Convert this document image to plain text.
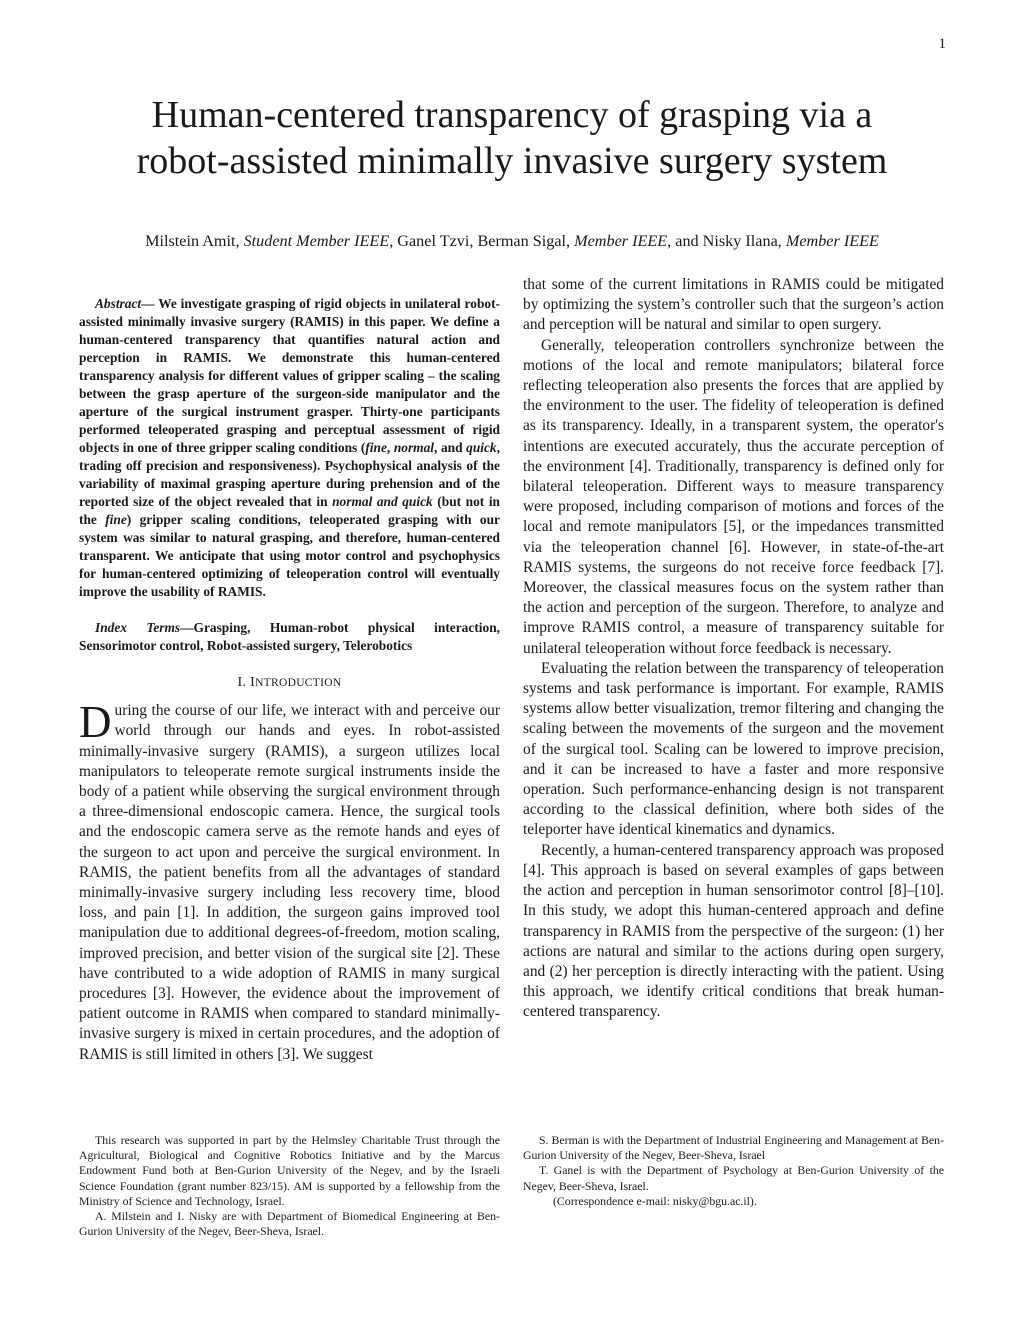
1
Human-centered transparency of grasping via a
robot-assisted minimally invasive surgery system
Milstein Amit, Student Member IEEE, Ganel Tzvi, Berman Sigal, Member IEEE, and Nisky Ilana, Member IEEE

Abstract— We investigate grasping of rigid objects in unilateral robot-assisted minimally invasive surgery (RAMIS) in this paper. We define a human-centered transparency that quantifies natural action and perception in RAMIS. We demonstrate this human-centered transparency analysis for different values of gripper scaling – the scaling between the grasp aperture of the surgeon-side manipulator and the aperture of the surgical instrument grasper. Thirty-one participants performed teleoperated grasping and perceptual assessment of rigid objects in one of three gripper scaling conditions (fine, normal, and quick, trading off precision and responsiveness). Psychophysical analysis of the variability of maximal grasping aperture during prehension and of the reported size of the object revealed that in normal and quick (but not in the fine) gripper scaling conditions, teleoperated grasping with our system was similar to natural grasping, and therefore, human-centered transparent. We anticipate that using motor control and psychophysics for human-centered optimizing of teleoperation control will eventually improve the usability of RAMIS.

Index Terms—Grasping, Human-robot physical interaction, Sensorimotor control, Robot-assisted surgery, Telerobotics

I. INTRODUCTION

During the course of our life, we interact with and perceive our world through our hands and eyes. In robot-assisted minimally-invasive surgery (RAMIS), a surgeon utilizes local manipulators to teleoperate remote surgical instruments inside the body of a patient while observing the surgical environment through a three-dimensional endoscopic camera. Hence, the surgical tools and the endoscopic camera serve as the remote hands and eyes of the surgeon to act upon and perceive the surgical environment. In RAMIS, the patient benefits from all the advantages of standard minimally-invasive surgery including less recovery time, blood loss, and pain [1]. In addition, the surgeon gains improved tool manipulation due to additional degrees-of-freedom, motion scaling, improved precision, and better vision of the surgical site [2]. These have contributed to a wide adoption of RAMIS in many surgical procedures [3]. However, the evidence about the improvement of patient outcome in RAMIS when compared to standard minimally-invasive surgery is mixed in certain procedures, and the adoption of RAMIS is still limited in others [3]. We suggest

that some of the current limitations in RAMIS could be mitigated by optimizing the system’s controller such that the surgeon’s action and perception will be natural and similar to open surgery.

Generally, teleoperation controllers synchronize between the motions of the local and remote manipulators; bilateral force reflecting teleoperation also presents the forces that are applied by the environment to the user. The fidelity of teleoperation is defined as its transparency. Ideally, in a transparent system, the operator's intentions are executed accurately, thus the accurate perception of the environment [4]. Traditionally, transparency is defined only for bilateral teleoperation. Different ways to measure transparency were proposed, including comparison of motions and forces of the local and remote manipulators [5], or the impedances transmitted via the teleoperation channel [6]. However, in state-of-the-art RAMIS systems, the surgeons do not receive force feedback [7]. Moreover, the classical measures focus on the system rather than the action and perception of the surgeon. Therefore, to analyze and improve RAMIS control, a measure of transparency suitable for unilateral teleoperation without force feedback is necessary.

Evaluating the relation between the transparency of teleoperation systems and task performance is important. For example, RAMIS systems allow better visualization, tremor filtering and changing the scaling between the movements of the surgeon and the movement of the surgical tool. Scaling can be lowered to improve precision, and it can be increased to have a faster and more responsive operation. Such performance-enhancing design is not transparent according to the classical definition, where both sides of the teleporter have identical kinematics and dynamics.

Recently, a human-centered transparency approach was proposed [4]. This approach is based on several examples of gaps between the action and perception in human sensorimotor control [8]–[10]. In this study, we adopt this human-centered approach and define transparency in RAMIS from the perspective of the surgeon: (1) her actions are natural and similar to the actions during open surgery, and (2) her perception is directly interacting with the patient. Using this approach, we identify critical conditions that break human-centered transparency.

This research was supported in part by the Helmsley Charitable Trust through the Agricultural, Biological and Cognitive Robotics Initiative and by the Marcus Endowment Fund both at Ben-Gurion University of the Negev, and by the Israeli Science Foundation (grant number 823/15). AM is supported by a fellowship from the Ministry of Science and Technology, Israel.

A. Milstein and I. Nisky are with Department of Biomedical Engineering at Ben-Gurion University of the Negev, Beer-Sheva, Israel.

S. Berman is with the Department of Industrial Engineering and Management at Ben-Gurion University of the Negev, Beer-Sheva, Israel

T. Ganel is with the Department of Psychology at Ben-Gurion University of the Negev, Beer-Sheva, Israel.

(Correspondence e-mail: nisky@bgu.ac.il).
